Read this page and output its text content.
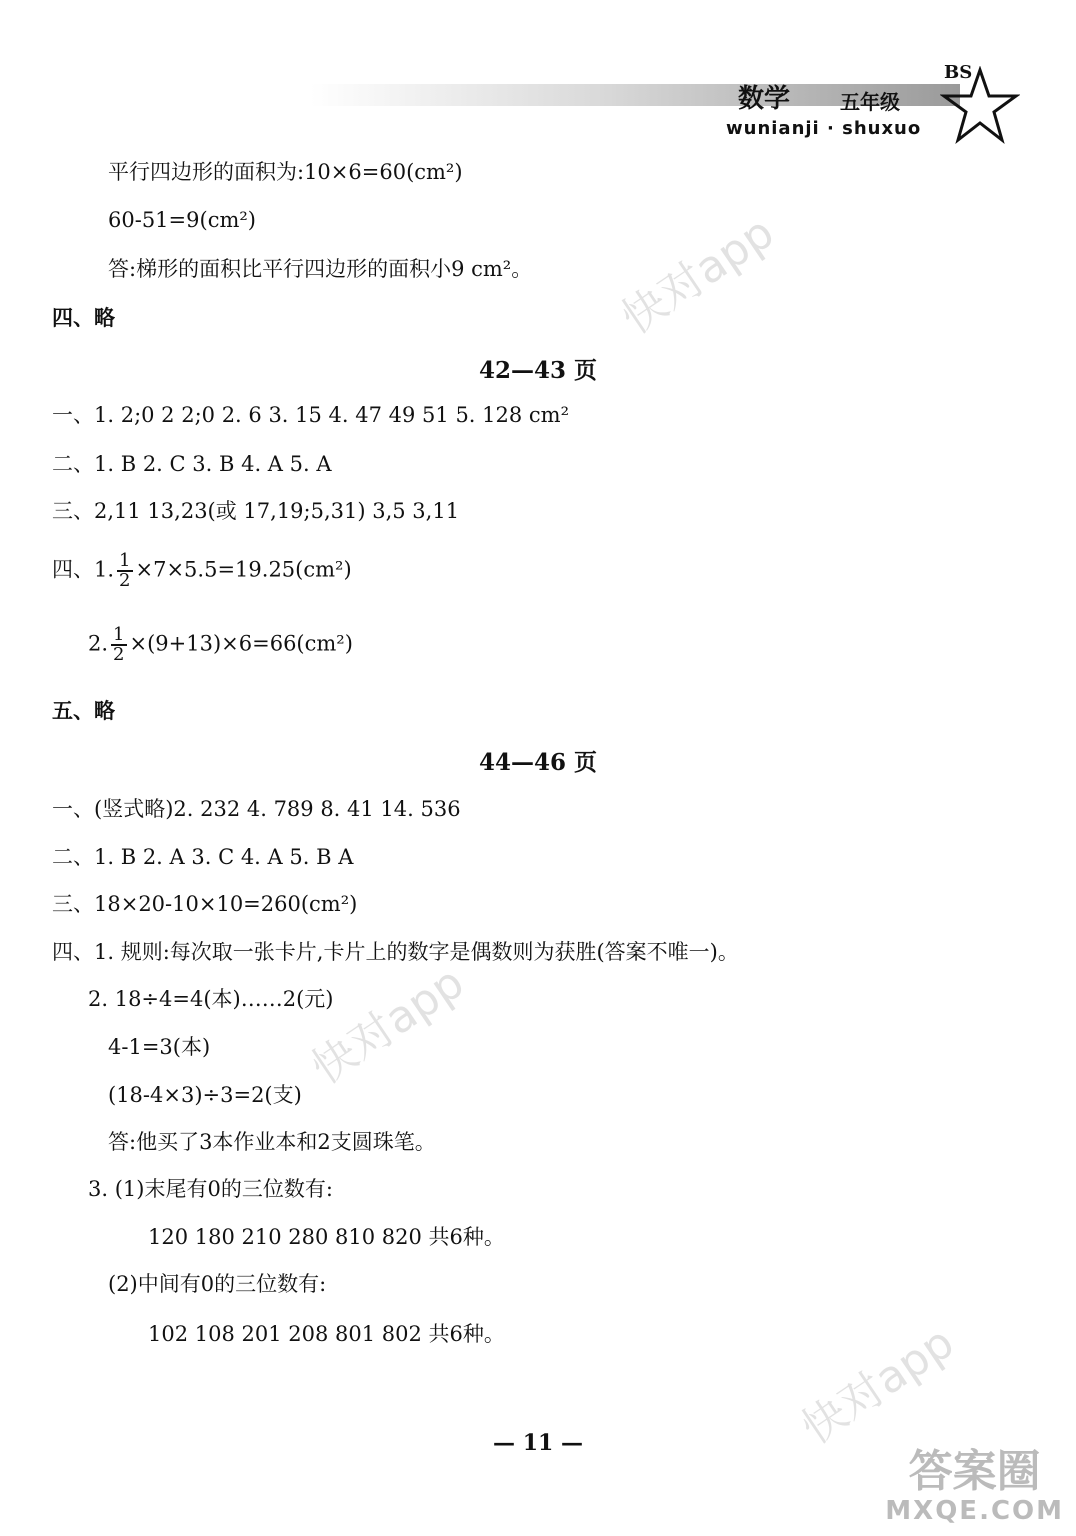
数学 五年级
wunianji · shuxuo
BS
平行四边形的面积为:10×6=60(cm²)
60-51=9(cm²)
答:梯形的面积比平行四边形的面积小9 cm²。
四、略
42—43 页
一、1. 2;0 2 2;0 2. 6 3. 15 4. 47 49 51 5. 128 cm²
二、1. B 2. C 3. B 4. A 5. A
三、2,11 13,23(或 17,19;5,31) 3,5 3,11
四、1. $\frac{1}{2} \times 7\times 5.5=19.25(cm^2)$
2. $\frac{1}{2} \times(9+13)\times 6=66(cm^2)$
五、略
44—46 页
一、(竖式略)2. 232 4. 789 8. 41 14. 536
二、1. B 2. A 3. C 4. A 5. B A
三、18×20-10×10=260(cm²)
四、1. 规则:每次取一张卡片,卡片上的数字是偶数则为获胜(答案不唯一)。
2. 18÷4=4(本)……2(元)
4-1=3(本)
(18-4×3)÷3=2(支)
答:他买了3本作业本和2支圆珠笔。
3. (1)末尾有0的三位数有:
120 180 210 280 810 820 共6种。
(2)中间有0的三位数有:
102 108 201 208 801 802 共6种。
快对app
快对app
快对app
— 11 —
答案圈
MXQE.COM
